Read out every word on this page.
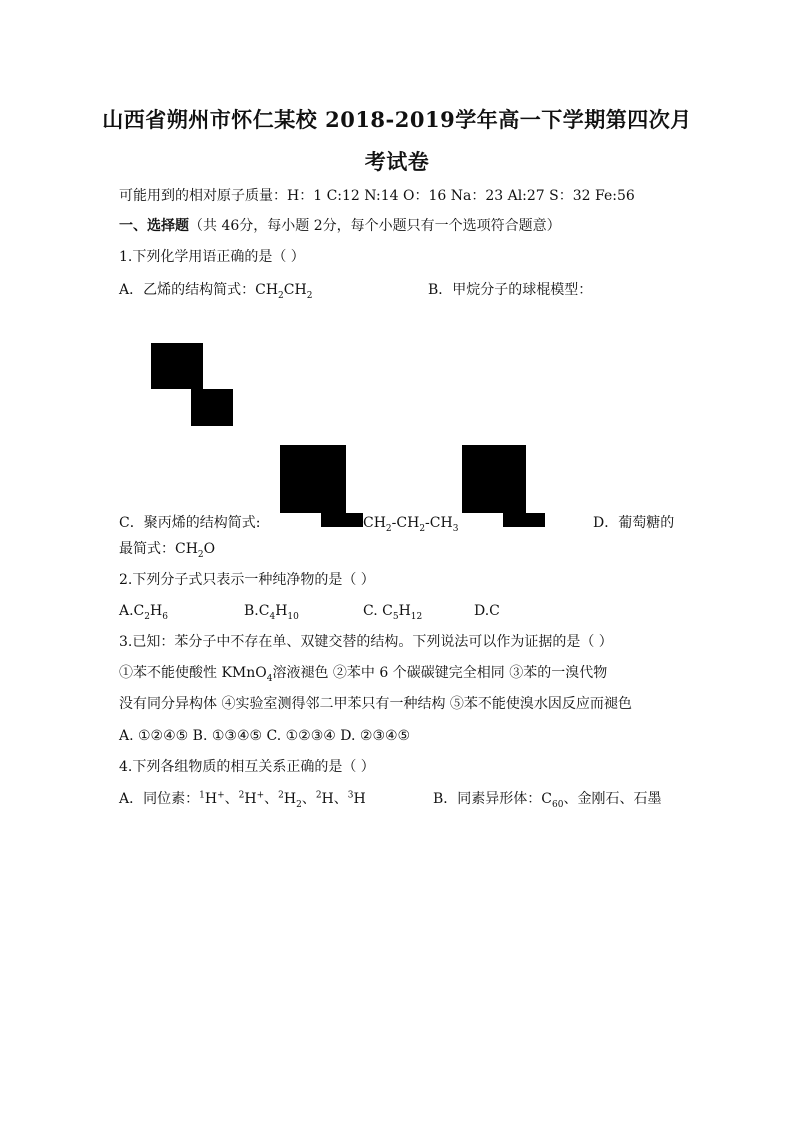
山西省朔州市怀仁某校 2018-2019学年高一下学期第四次月
考试卷
可能用到的相对原子质量：H：1 C:12 N:14 O：16 Na：23 Al:27 S：32 Fe:56
一、选择题（共 46分，每小题 2分，每个小题只有一个选项符合题意）
1.下列化学用语正确的是（ ）
A．乙烯的结构简式：$CH_2CH_2$	B．甲烷分子的球棍模型：
C．聚丙烯的结构简式:	$CH_2-CH_2-CH_3$	D．葡萄糖的
最简式：$CH_2O$
2.下列分子式只表示一种纯净物的是（ ）
$A.C_2H_6$	$B.C_4H_{10}$	C. $C_5H_{12}$	D.C
3.已知：苯分子中不存在单、双键交替的结构。下列说法可以作为证据的是（ ）
①苯不能使酸性 KMnO$_4$溶液褪色 ②苯中 6 个碳碳键完全相同 ③苯的一溴代物
没有同分异构体 ④实验室测得邻二甲苯只有一种结构 ⑤苯不能使溴水因反应而褪色
A. ①②④⑤ B. ①③④⑤ C. ①②③④ D. ②③④⑤
4.下列各组物质的相互关系正确的是（ ）
A．同位素：$^1$H+、$^2$H+、$^2H_2$、$^2$H、$^3$H	B．同素异形体：$C_{60}$、金刚石、石墨
